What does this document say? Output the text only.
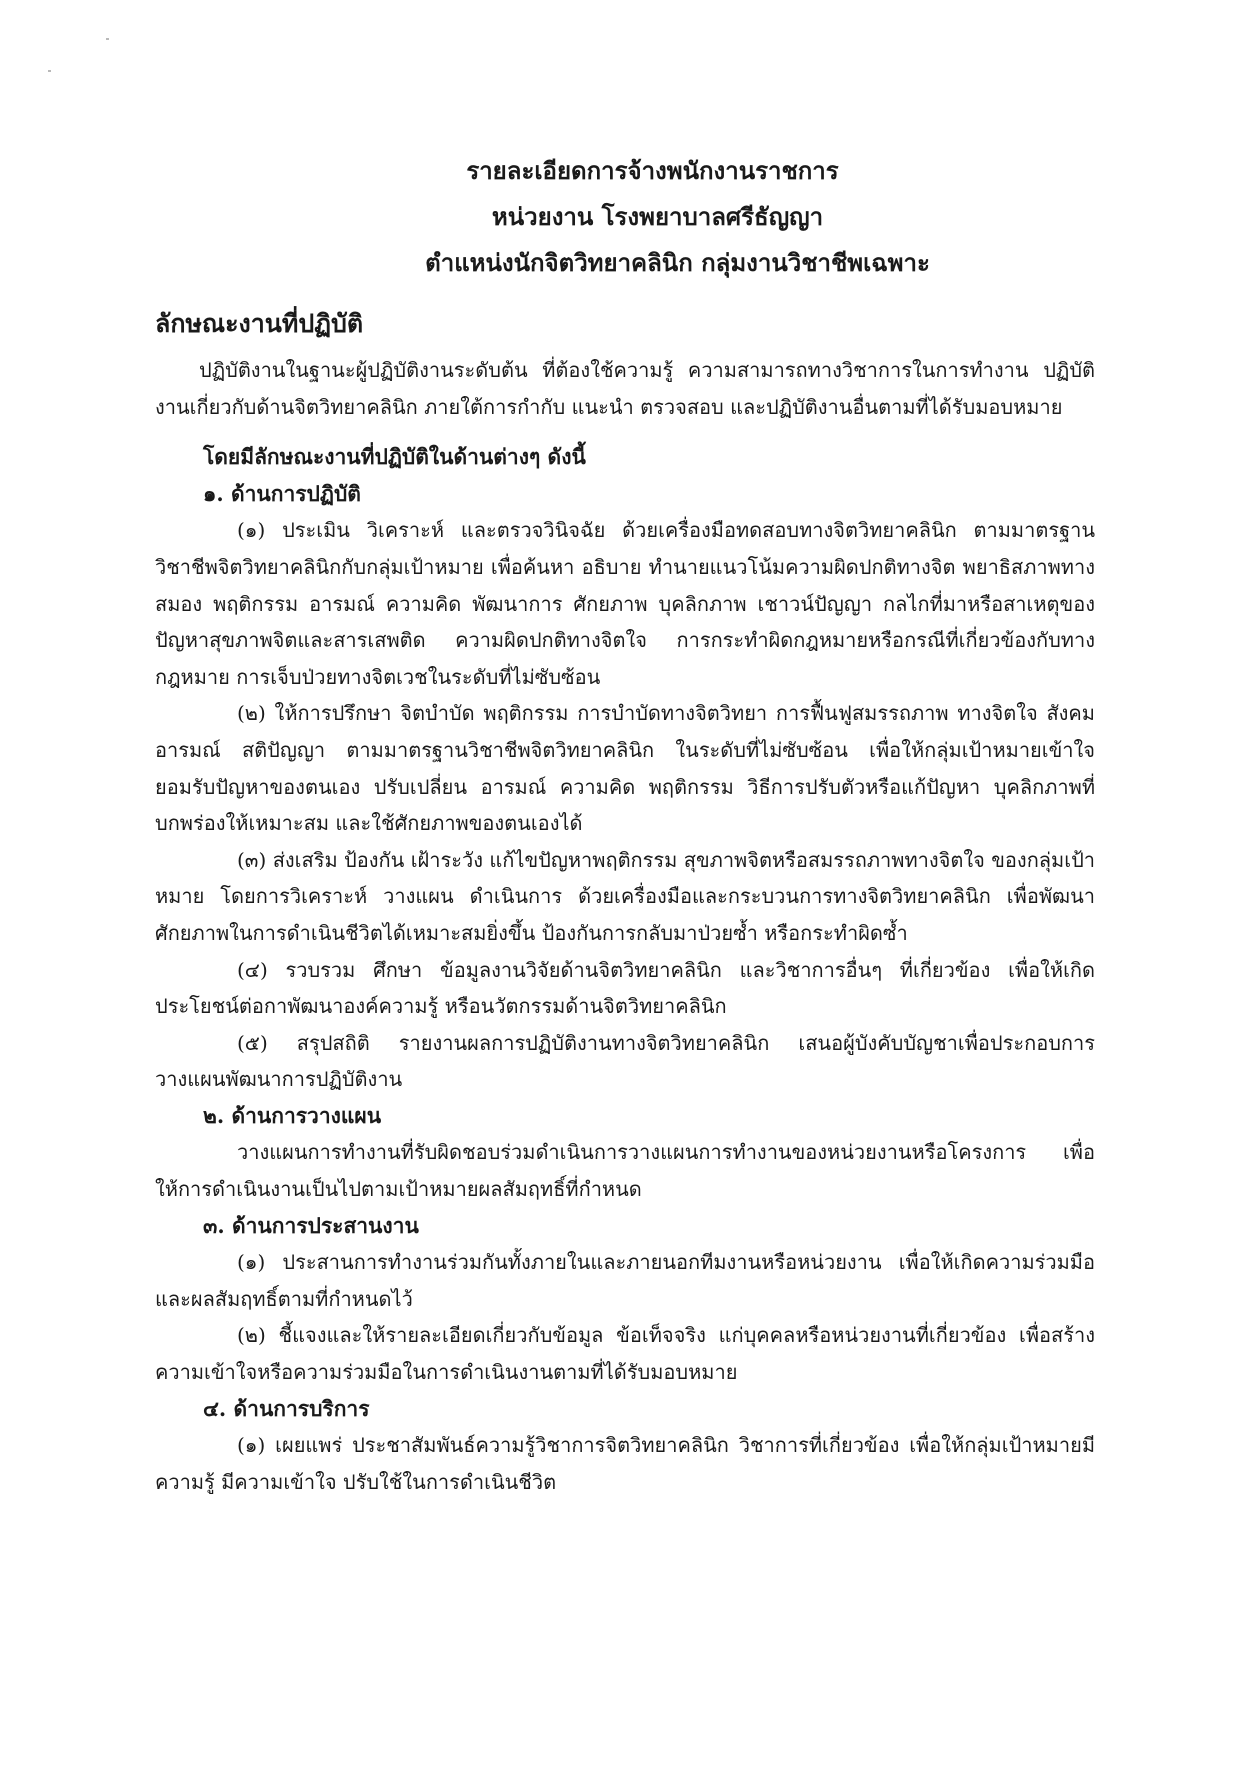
รายละเอียดการจ้างพนักงานราชการ

หน่วยงาน โรงพยาบาลศรีธัญญา

ตำแหน่งนักจิตวิทยาคลินิก กลุ่มงานวิชาชีพเฉพาะ

ลักษณะงานที่ปฏิบัติ

ปฏิบัติงานในฐานะผู้ปฏิบัติงานระดับต้น ที่ต้องใช้ความรู้ ความสามารถทางวิชาการในการทำงาน ปฏิบัติงานเกี่ยวกับด้านจิตวิทยาคลินิก ภายใต้การกำกับ แนะนำ ตรวจสอบ และปฏิบัติงานอื่นตามที่ได้รับมอบหมาย

โดยมีลักษณะงานที่ปฏิบัติในด้านต่างๆ ดังนี้

๑. ด้านการปฏิบัติ

(๑) ประเมิน วิเคราะห์ และตรวจวินิจฉัย ด้วยเครื่องมือทดสอบทางจิตวิทยาคลินิก ตามมาตรฐานวิชาชีพจิตวิทยาคลินิกกับกลุ่มเป้าหมาย เพื่อค้นหา อธิบาย ทำนายแนวโน้มความผิดปกติทางจิต พยาธิสภาพทางสมอง พฤติกรรม อารมณ์ ความคิด พัฒนาการ ศักยภาพ บุคลิกภาพ เชาวน์ปัญญา กลไกที่มาหรือสาเหตุของปัญหาสุขภาพจิตและสารเสพติด ความผิดปกติทางจิตใจ การกระทำผิดกฎหมายหรือกรณีที่เกี่ยวข้องกับทางกฎหมาย การเจ็บป่วยทางจิตเวชในระดับที่ไม่ซับซ้อน

(๒) ให้การปรึกษา จิตบำบัด พฤติกรรม การบำบัดทางจิตวิทยา การฟื้นฟูสมรรถภาพ ทางจิตใจ สังคม อารมณ์ สติปัญญา ตามมาตรฐานวิชาชีพจิตวิทยาคลินิก ในระดับที่ไม่ซับซ้อน เพื่อให้กลุ่มเป้าหมายเข้าใจ ยอมรับปัญหาของตนเอง ปรับเปลี่ยน อารมณ์ ความคิด พฤติกรรม วิธีการปรับตัวหรือแก้ปัญหา บุคลิกภาพที่บกพร่องให้เหมาะสม และใช้ศักยภาพของตนเองได้

(๓) ส่งเสริม ป้องกัน เฝ้าระวัง แก้ไขปัญหาพฤติกรรม สุขภาพจิตหรือสมรรถภาพทางจิตใจ ของกลุ่มเป้าหมาย โดยการวิเคราะห์ วางแผน ดำเนินการ ด้วยเครื่องมือและกระบวนการทางจิตวิทยาคลินิก เพื่อพัฒนาศักยภาพในการดำเนินชีวิตได้เหมาะสมยิ่งขึ้น ป้องกันการกลับมาป่วยซ้ำ หรือกระทำผิดซ้ำ

(๔) รวบรวม ศึกษา ข้อมูลงานวิจัยด้านจิตวิทยาคลินิก และวิชาการอื่นๆ ที่เกี่ยวข้อง เพื่อให้เกิดประโยชน์ต่อกาพัฒนาองค์ความรู้ หรือนวัตกรรมด้านจิตวิทยาคลินิก

(๕) สรุปสถิติ รายงานผลการปฏิบัติงานทางจิตวิทยาคลินิก เสนอผู้บังคับบัญชาเพื่อประกอบการวางแผนพัฒนาการปฏิบัติงาน

๒. ด้านการวางแผน

วางแผนการทำงานที่รับผิดชอบร่วมดำเนินการวางแผนการทำงานของหน่วยงานหรือโครงการ เพื่อให้การดำเนินงานเป็นไปตามเป้าหมายผลสัมฤทธิ์ที่กำหนด

๓. ด้านการประสานงาน

(๑) ประสานการทำงานร่วมกันทั้งภายในและภายนอกทีมงานหรือหน่วยงาน เพื่อให้เกิดความร่วมมือและผลสัมฤทธิ์ตามที่กำหนดไว้

(๒) ชี้แจงและให้รายละเอียดเกี่ยวกับข้อมูล ข้อเท็จจริง แก่บุคคลหรือหน่วยงานที่เกี่ยวข้อง เพื่อสร้างความเข้าใจหรือความร่วมมือในการดำเนินงานตามที่ได้รับมอบหมาย

๔. ด้านการบริการ

(๑) เผยแพร่ ประชาสัมพันธ์ความรู้วิชาการจิตวิทยาคลินิก วิชาการที่เกี่ยวข้อง เพื่อให้กลุ่มเป้าหมายมีความรู้ มีความเข้าใจ ปรับใช้ในการดำเนินชีวิต
